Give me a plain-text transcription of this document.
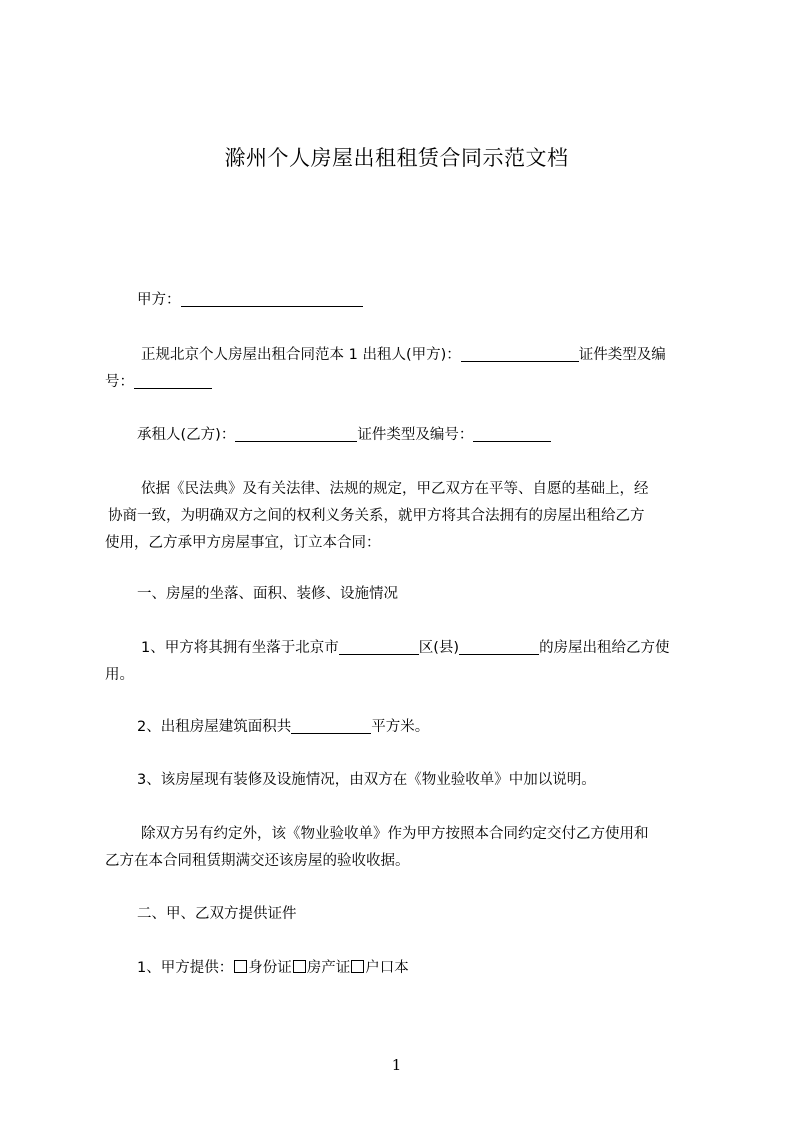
滁州个人房屋出租租赁合同示范文档
甲方：
正规北京个人房屋出租合同范本 1 出租人(甲方)：	证件类型及编
号：
承租人(乙方)：	证件类型及编号：
依据《民法典》及有关法律、法规的规定，甲乙双方在平等、自愿的基础上，经
协商一致，为明确双方之间的权利义务关系，就甲方将其合法拥有的房屋出租给乙方
使用，乙方承甲方房屋事宜，订立本合同：
一、房屋的坐落、面积、装修、设施情况
1、甲方将其拥有坐落于北京市	区(县)	的房屋出租给乙方使
用。
2、出租房屋建筑面积共	平方米。
3、该房屋现有装修及设施情况，由双方在《物业验收单》中加以说明。
除双方另有约定外，该《物业验收单》作为甲方按照本合同约定交付乙方使用和
乙方在本合同租赁期满交还该房屋的验收收据。
二、甲、乙双方提供证件
1、甲方提供： 身份证 房产证 户口本
1
